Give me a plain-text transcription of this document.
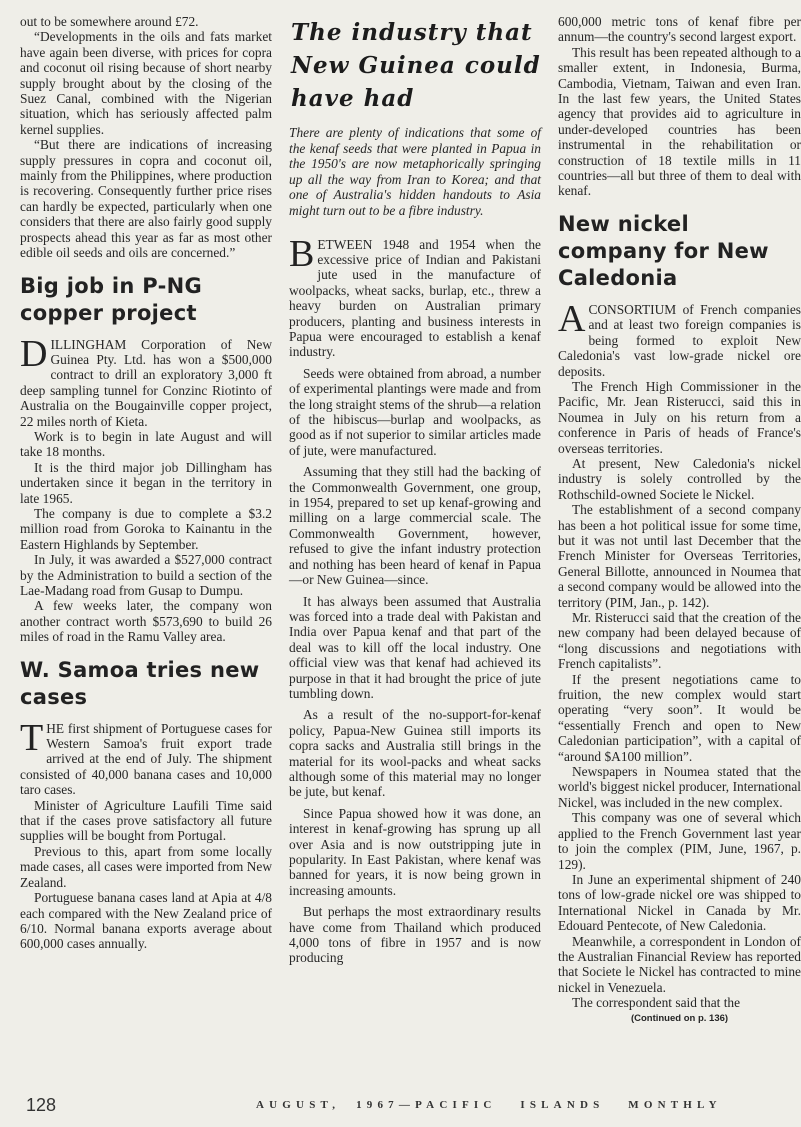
out to be somewhere around £72.

“Developments in the oils and fats market have again been diverse, with prices for copra and coconut oil rising because of short nearby supply brought about by the closing of the Suez Canal, combined with the Nigerian situation, which has seriously affected palm kernel supplies.

“But there are indications of increasing supply pressures in copra and coconut oil, mainly from the Philippines, where production is recovering. Consequently further price rises can hardly be expected, particularly when one considers that there are also fairly good supply prospects ahead this year as far as most other edible oil seeds and oils are concerned.”

Big job in P-NG copper project

DILLINGHAM Corporation of New Guinea Pty. Ltd. has won a $500,000 contract to drill an exploratory 3,000 ft deep sampling tunnel for Conzinc Riotinto of Australia on the Bougainville copper project, 22 miles north of Kieta.

Work is to begin in late August and will take 18 months.

It is the third major job Dillingham has undertaken since it began in the territory in late 1965.

The company is due to complete a $3.2 million road from Goroka to Kainantu in the Eastern Highlands by September.

In July, it was awarded a $527,000 contract by the Administration to build a section of the Lae-Madang road from Gusap to Dumpu.

A few weeks later, the company won another contract worth $573,690 to build 26 miles of road in the Ramu Valley area.

W. Samoa tries new cases

THE first shipment of Portuguese cases for Western Samoa's fruit export trade arrived at the end of July. The shipment consisted of 40,000 banana cases and 10,000 taro cases.

Minister of Agriculture Laufili Time said that if the cases prove satisfactory all future supplies will be bought from Portugal.

Previous to this, apart from some locally made cases, all cases were imported from New Zealand.

Portuguese banana cases land at Apia at 4/8 each compared with the New Zealand price of 6/10. Normal banana exports average about 600,000 cases annually.

The industry that New Guinea could have had

There are plenty of indications that some of the kenaf seeds that were planted in Papua in the 1950's are now metaphorically springing up all the way from Iran to Korea; and that one of Australia's hidden handouts to Asia might turn out to be a fibre industry.

BETWEEN 1948 and 1954 when the excessive price of Indian and Pakistani jute used in the manufacture of woolpacks, wheat sacks, burlap, etc., threw a heavy burden on Australian primary producers, planting and business interests in Papua were encouraged to establish a kenaf industry.

Seeds were obtained from abroad, a number of experimental plantings were made and from the long straight stems of the shrub—a relation of the hibiscus—burlap and woolpacks, as good as if not superior to similar articles made of jute, were manufactured.

Assuming that they still had the backing of the Commonwealth Government, one group, in 1954, prepared to set up kenaf-growing and milling on a large commercial scale. The Commonwealth Government, however, refused to give the infant industry protection and nothing has been heard of kenaf in Papua—or New Guinea—since.

It has always been assumed that Australia was forced into a trade deal with Pakistan and India over Papua kenaf and that part of the deal was to kill off the local industry. One official view was that kenaf had achieved its purpose in that it had brought the price of jute tumbling down.

As a result of the no-support-for-kenaf policy, Papua-New Guinea still imports its copra sacks and Australia still brings in the material for its wool-packs and wheat sacks although some of this material may no longer be jute, but kenaf.

Since Papua showed how it was done, an interest in kenaf-growing has sprung up all over Asia and is now outstripping jute in popularity. In East Pakistan, where kenaf was banned for years, it is now being grown in increasing amounts.

But perhaps the most extraordinary results have come from Thailand which produced 4,000 tons of fibre in 1957 and is now producing

600,000 metric tons of kenaf fibre per annum—the country's second largest export.

This result has been repeated although to a smaller extent, in Indonesia, Burma, Cambodia, Vietnam, Taiwan and even Iran. In the last few years, the United States agency that provides aid to agriculture in under-developed countries has been instrumental in the rehabilitation or construction of 18 textile mills in 11 countries—all but three of them to deal with kenaf.

New nickel company for New Caledonia

ACONSORTIUM of French companies and at least two foreign companies is being formed to exploit New Caledonia's vast low-grade nickel ore deposits.

The French High Commissioner in the Pacific, Mr. Jean Risterucci, said this in Noumea in July on his return from a conference in Paris of heads of France's overseas territories.

At present, New Caledonia's nickel industry is solely controlled by the Rothschild-owned Societe le Nickel.

The establishment of a second company has been a hot political issue for some time, but it was not until last December that the French Minister for Overseas Territories, General Billotte, announced in Noumea that a second company would be allowed into the territory (PIM, Jan., p. 142).

Mr. Risterucci said that the creation of the new company had been delayed because of “long discussions and negotiations with French capitalists”.

If the present negotiations came to fruition, the new complex would start operating “very soon”. It would be “essentially French and open to New Caledonian participation”, with a capital of “around $A100 million”.

Newspapers in Noumea stated that the world's biggest nickel producer, International Nickel, was included in the new complex.

This company was one of several which applied to the French Government last year to join the complex (PIM, June, 1967, p. 129).

In June an experimental shipment of 240 tons of low-grade nickel ore was shipped to International Nickel in Canada by Mr. Edouard Pentecote, of New Caledonia.

Meanwhile, a correspondent in London of the Australian Financial Review has reported that Societe le Nickel has contracted to mine nickel in Venezuela.

The correspondent said that the

(Continued on p. 136)
128	AUGUST,  1967—PACIFIC   ISLANDS   MONTHLY
